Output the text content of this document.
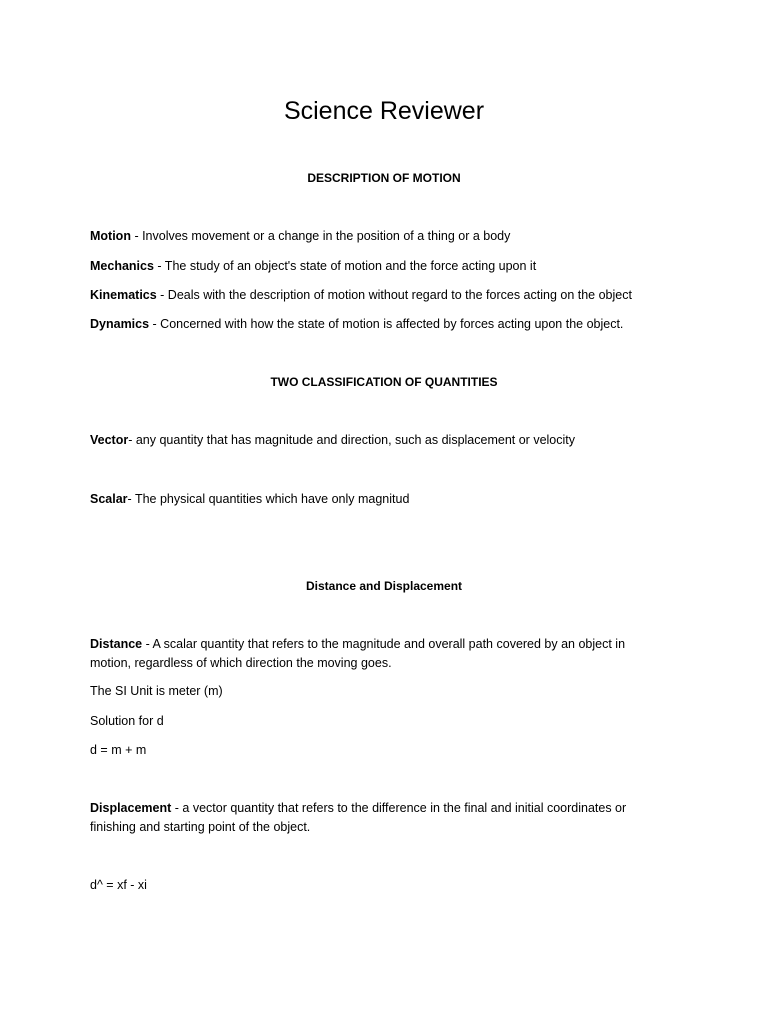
Science Reviewer
DESCRIPTION OF MOTION

Motion - Involves movement or a change in the position of a thing or a body

Mechanics - The study of an object's state of motion and the force acting upon it

Kinematics - Deals with the description of motion without regard to the forces acting on the object

Dynamics - Concerned with how the state of motion is affected by forces acting upon the object.

TWO CLASSIFICATION OF QUANTITIES

Vector- any quantity that has magnitude and direction, such as displacement or velocity

Scalar- The physical quantities which have only magnitud

Distance and Displacement

Distance - A scalar quantity that refers to the magnitude and overall path covered by an object in motion, regardless of which direction the moving goes.

The SI Unit is meter (m)

Solution for d

d = m + m

Displacement - a vector quantity that refers to the difference in the final and initial coordinates or finishing and starting point of the object.

d^ = xf - xi
